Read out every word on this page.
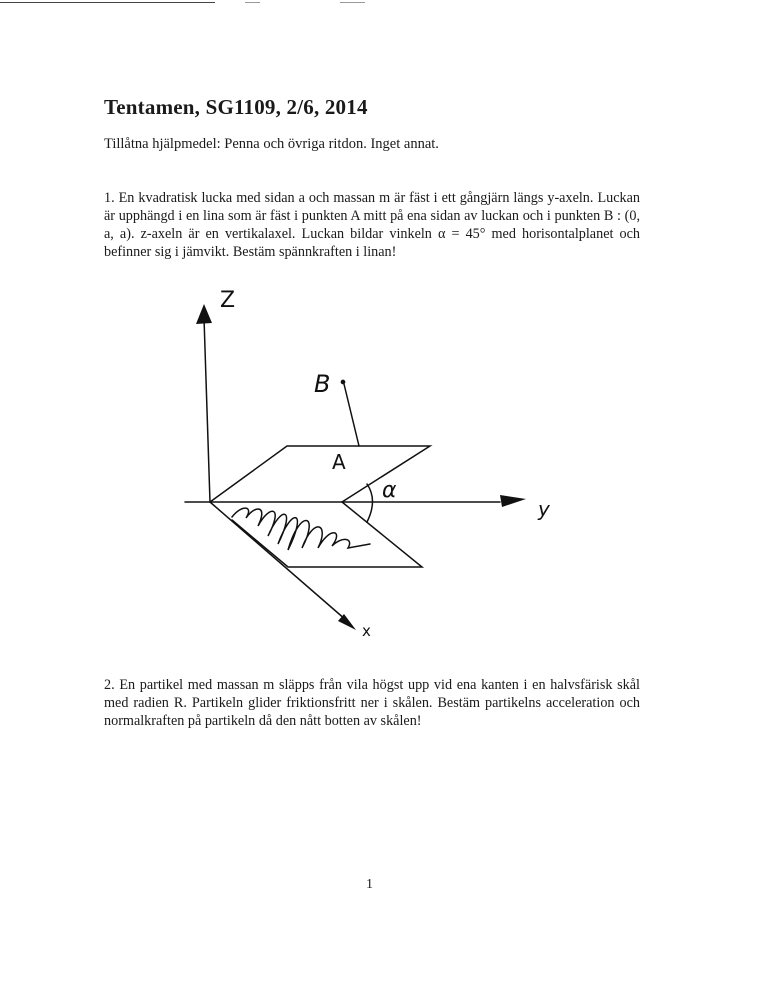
Tentamen, SG1109, 2/6, 2014
Tillåtna hjälpmedel: Penna och övriga ritdon. Inget annat.
1. En kvadratisk lucka med sidan a och massan m är fäst i ett gångjärn längs y-axeln. Luckan är upphängd i en lina som är fäst i punkten A mitt på ena sidan av luckan och i punkten B : (0, a, a). z-axeln är en vertikalaxel. Luckan bildar vinkeln α = 45° med horisontalplanet och befinner sig i jämvikt. Bestäm spännkraften i linan!
Z
y
x
B
A
α
2. En partikel med massan m släpps från vila högst upp vid ena kanten i en halvsfärisk skål med radien R. Partikeln glider friktionsfritt ner i skålen. Bestäm partikelns acceleration och normalkraften på partikeln då den nått botten av skålen!
1
